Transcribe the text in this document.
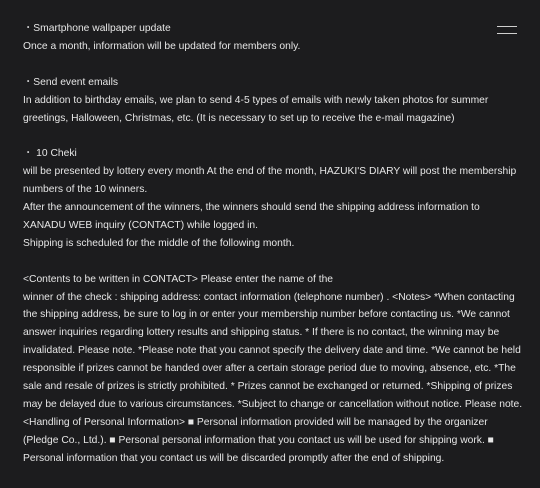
・Smartphone wallpaper update

Once a month, information will be updated for members only.

・Send event emails

In addition to birthday emails, we plan to send 4-5 types of emails with newly taken photos for summer

greetings, Halloween, Christmas, etc. (It is necessary to set up to receive the e-mail magazine)

・ 10 Cheki

will be presented by lottery every month At the end of the month, HAZUKI'S DIARY will post the membership

numbers of the 10 winners.

After the announcement of the winners, the winners should send the shipping address information to

XANADU WEB inquiry (CONTACT) while logged in.

Shipping is scheduled for the middle of the following month.

<Contents to be written in CONTACT> Please enter the name of the

winner of the check : shipping address: contact information (telephone number) . <Notes> *When contacting

the shipping address, be sure to log in or enter your membership number before contacting us. *We cannot

answer inquiries regarding lottery results and shipping status. * If there is no contact, the winning may be

invalidated. Please note. *Please note that you cannot specify the delivery date and time. *We cannot be held

responsible if prizes cannot be handed over after a certain storage period due to moving, absence, etc. *The

sale and resale of prizes is strictly prohibited. * Prizes cannot be exchanged or returned. *Shipping of prizes

may be delayed due to various circumstances. *Subject to change or cancellation without notice. Please note.

<Handling of Personal Information> ■ Personal information provided will be managed by the organizer

(Pledge Co., Ltd.). ■ Personal personal information that you contact us will be used for shipping work. ■

Personal information that you contact us will be discarded promptly after the end of shipping.
